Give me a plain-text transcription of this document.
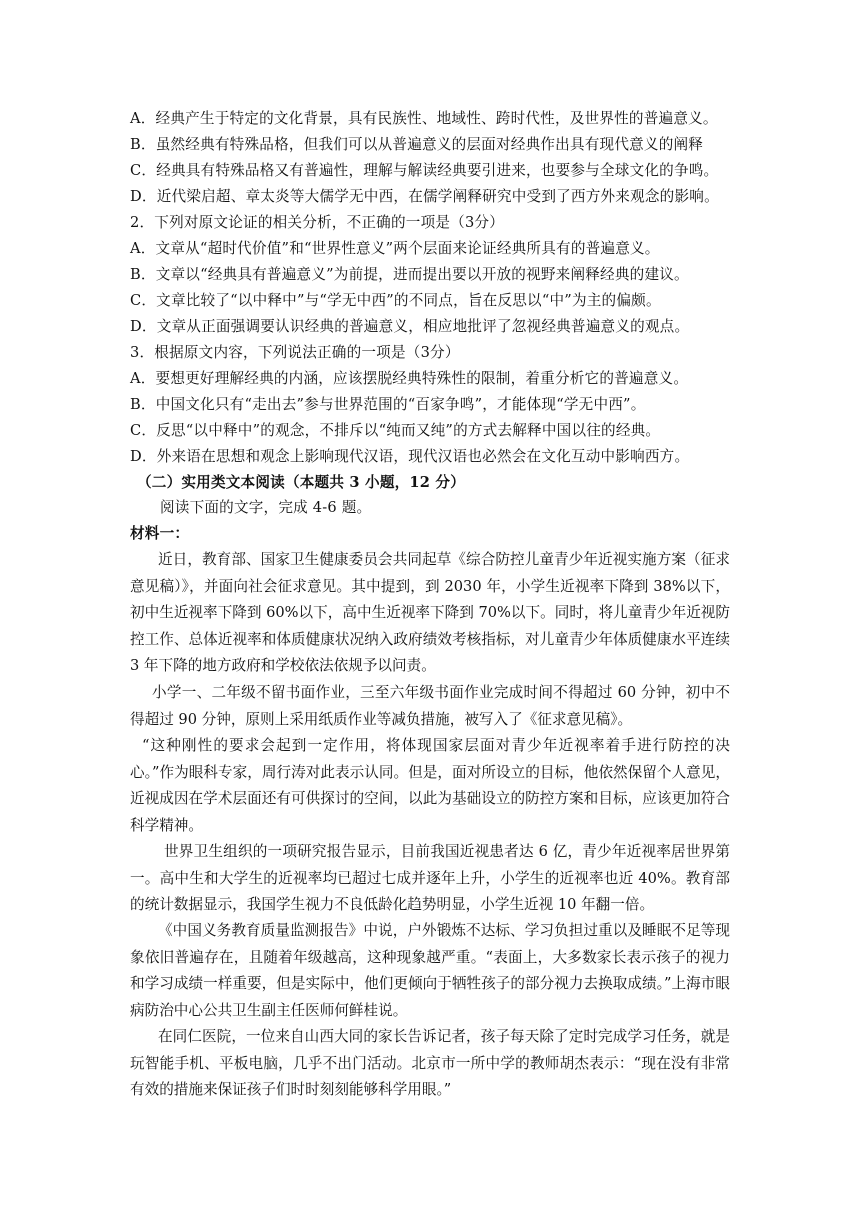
A．经典产生于特定的文化背景，具有民族性、地域性、跨时代性，及世界性的普遍意义。
B．虽然经典有特殊品格，但我们可以从普遍意义的层面对经典作出具有现代意义的阐释
C．经典具有特殊品格又有普遍性，理解与解读经典要引进来，也要参与全球文化的争鸣。
D．近代梁启超、章太炎等大儒学无中西，在儒学阐释研究中受到了西方外来观念的影响。
2．下列对原文论证的相关分析，不正确的一项是（3分）
A．文章从“超时代价值”和“世界性意义”两个层面来论证经典所具有的普遍意义。
B．文章以“经典具有普遍意义”为前提，进而提出要以开放的视野来阐释经典的建议。
C．文章比较了“以中释中”与“学无中西”的不同点，旨在反思以“中”为主的偏颇。
D．文章从正面强调要认识经典的普遍意义，相应地批评了忽视经典普遍意义的观点。
3．根据原文内容，下列说法正确的一项是（3分）
A．要想更好理解经典的内涵，应该摆脱经典特殊性的限制，着重分析它的普遍意义。
B．中国文化只有“走出去”参与世界范围的“百家争鸣”，才能体现“学无中西”。
C．反思“以中释中”的观念，不排斥以“纯而又纯”的方式去解释中国以往的经典。
D．外来语在思想和观念上影响现代汉语，现代汉语也必然会在文化互动中影响西方。
（二）实用类文本阅读（本题共 3 小题，12 分）
阅读下面的文字，完成 4-6 题。
材料一：
近日，教育部、国家卫生健康委员会共同起草《综合防控儿童青少年近视实施方案（征求意见稿）》，并面向社会征求意见。其中提到，到 2030 年，小学生近视率下降到 38%以下，初中生近视率下降到 60%以下，高中生近视率下降到 70%以下。同时，将儿童青少年近视防控工作、总体近视率和体质健康状况纳入政府绩效考核指标，对儿童青少年体质健康水平连续 3 年下降的地方政府和学校依法依规予以问责。
小学一、二年级不留书面作业，三至六年级书面作业完成时间不得超过 60 分钟，初中不得超过 90 分钟，原则上采用纸质作业等减负措施，被写入了《征求意见稿》。
“这种刚性的要求会起到一定作用，将体现国家层面对青少年近视率着手进行防控的决心。”作为眼科专家，周行涛对此表示认同。但是，面对所设立的目标，他依然保留个人意见，近视成因在学术层面还有可供探讨的空间，以此为基础设立的防控方案和目标，应该更加符合科学精神。
世界卫生组织的一项研究报告显示，目前我国近视患者达 6 亿，青少年近视率居世界第一。高中生和大学生的近视率均已超过七成并逐年上升，小学生的近视率也近 40%。教育部的统计数据显示，我国学生视力不良低龄化趋势明显，小学生近视 10 年翻一倍。
《中国义务教育质量监测报告》中说，户外锻炼不达标、学习负担过重以及睡眠不足等现象依旧普遍存在，且随着年级越高，这种现象越严重。“表面上，大多数家长表示孩子的视力和学习成绩一样重要，但是实际中，他们更倾向于牺牲孩子的部分视力去换取成绩。”上海市眼病防治中心公共卫生副主任医师何鲜桂说。
在同仁医院，一位来自山西大同的家长告诉记者，孩子每天除了定时完成学习任务，就是玩智能手机、平板电脑，几乎不出门活动。北京市一所中学的教师胡杰表示：“现在没有非常有效的措施来保证孩子们时时刻刻能够科学用眼。”
